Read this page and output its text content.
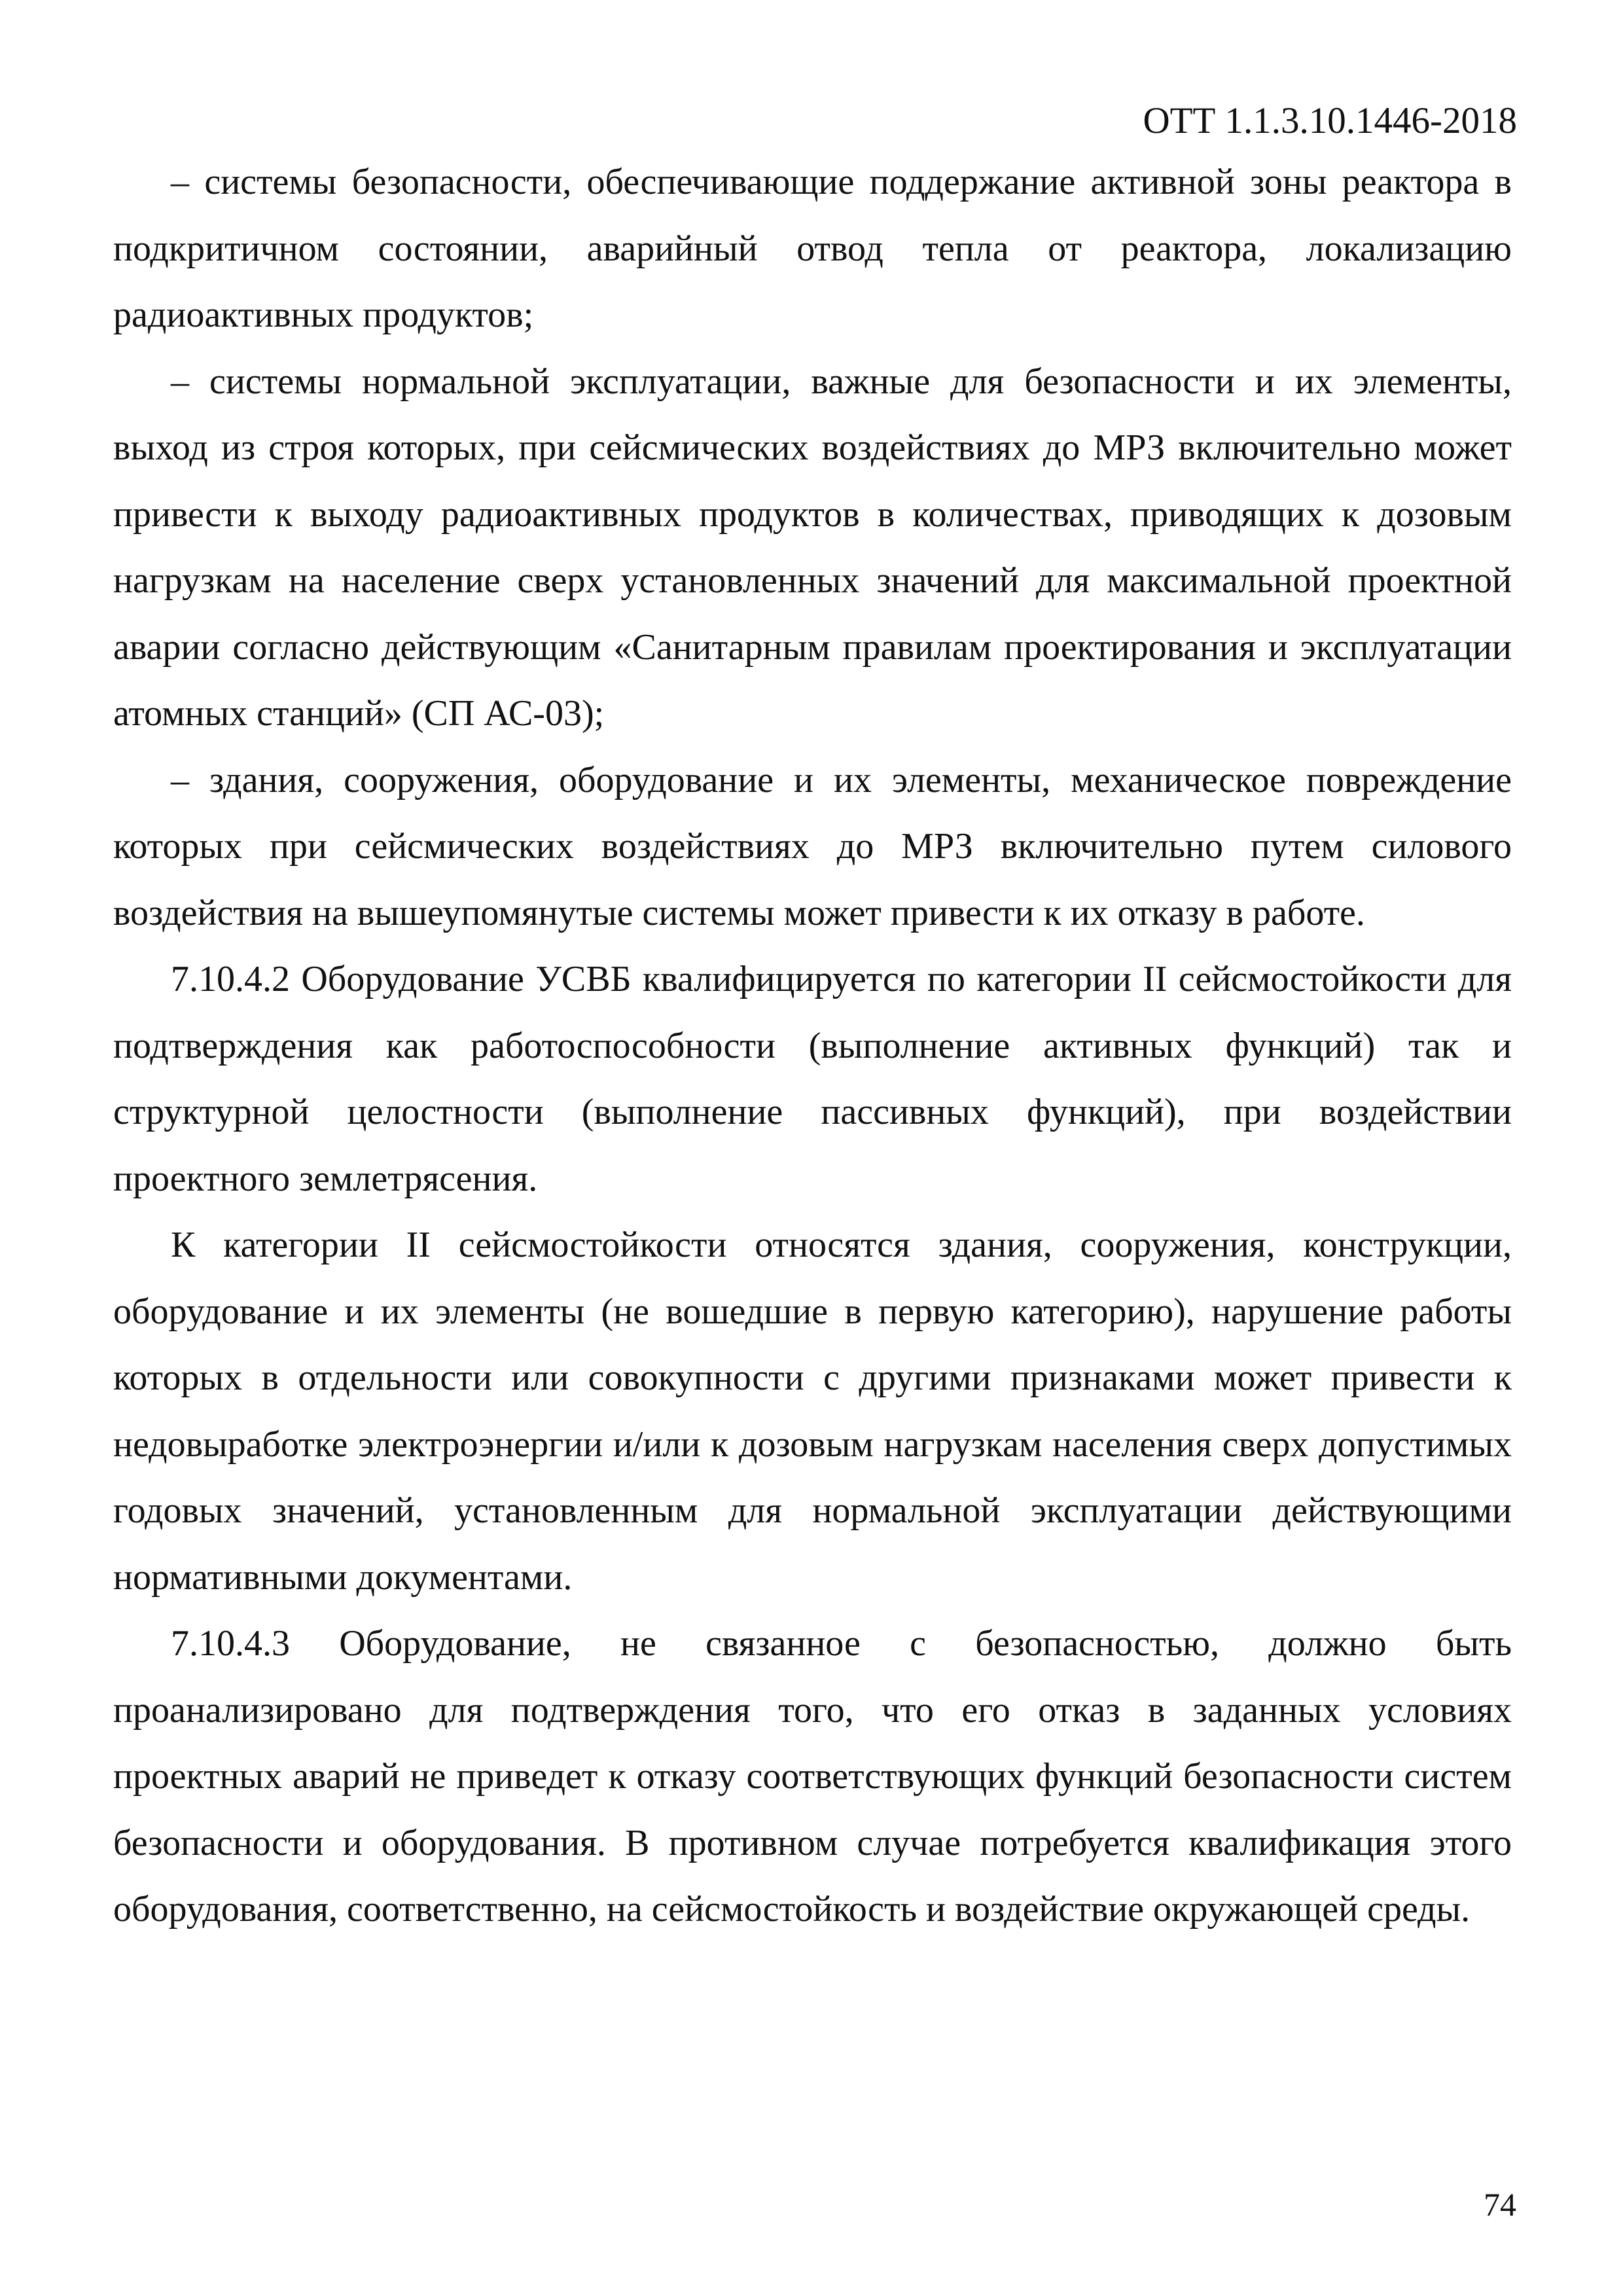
ОТТ 1.1.3.10.1446-2018

– системы безопасности, обеспечивающие поддержание активной зоны реактора в подкритичном состоянии, аварийный отвод тепла от реактора, локализацию радиоактивных продуктов;

– системы нормальной эксплуатации, важные для безопасности и их элементы, выход из строя которых, при сейсмических воздействиях до МРЗ включительно может привести к выходу радиоактивных продуктов в количествах, приводящих к дозовым нагрузкам на население сверх установленных значений для максимальной проектной аварии согласно действующим «Санитарным правилам проектирования и эксплуатации атомных станций» (СП АС-03);

– здания, сооружения, оборудование и их элементы, механическое повреждение которых при сейсмических воздействиях до МРЗ включительно путем силового воздействия на вышеупомянутые системы может привести к их отказу в работе.

7.10.4.2 Оборудование УСВБ квалифицируется по категории II сейсмостойкости для подтверждения как работоспособности (выполнение активных функций) так и структурной целостности (выполнение пассивных функций), при воздействии проектного землетрясения.

К категории II сейсмостойкости относятся здания, сооружения, конструкции, оборудование и их элементы (не вошедшие в первую категорию), нарушение работы которых в отдельности или совокупности с другими признаками может привести к недовыработке электроэнергии и/или к дозовым нагрузкам населения сверх допустимых годовых значений, установленным для нормальной эксплуатации действующими нормативными документами.

7.10.4.3 Оборудование, не связанное с безопасностью, должно быть проанализировано для подтверждения того, что его отказ в заданных условиях проектных аварий не приведет к отказу соответствующих функций безопасности систем безопасности и оборудования. В противном случае потребуется квалификация этого оборудования, соответственно, на сейсмостойкость и воздействие окружающей среды.

74
